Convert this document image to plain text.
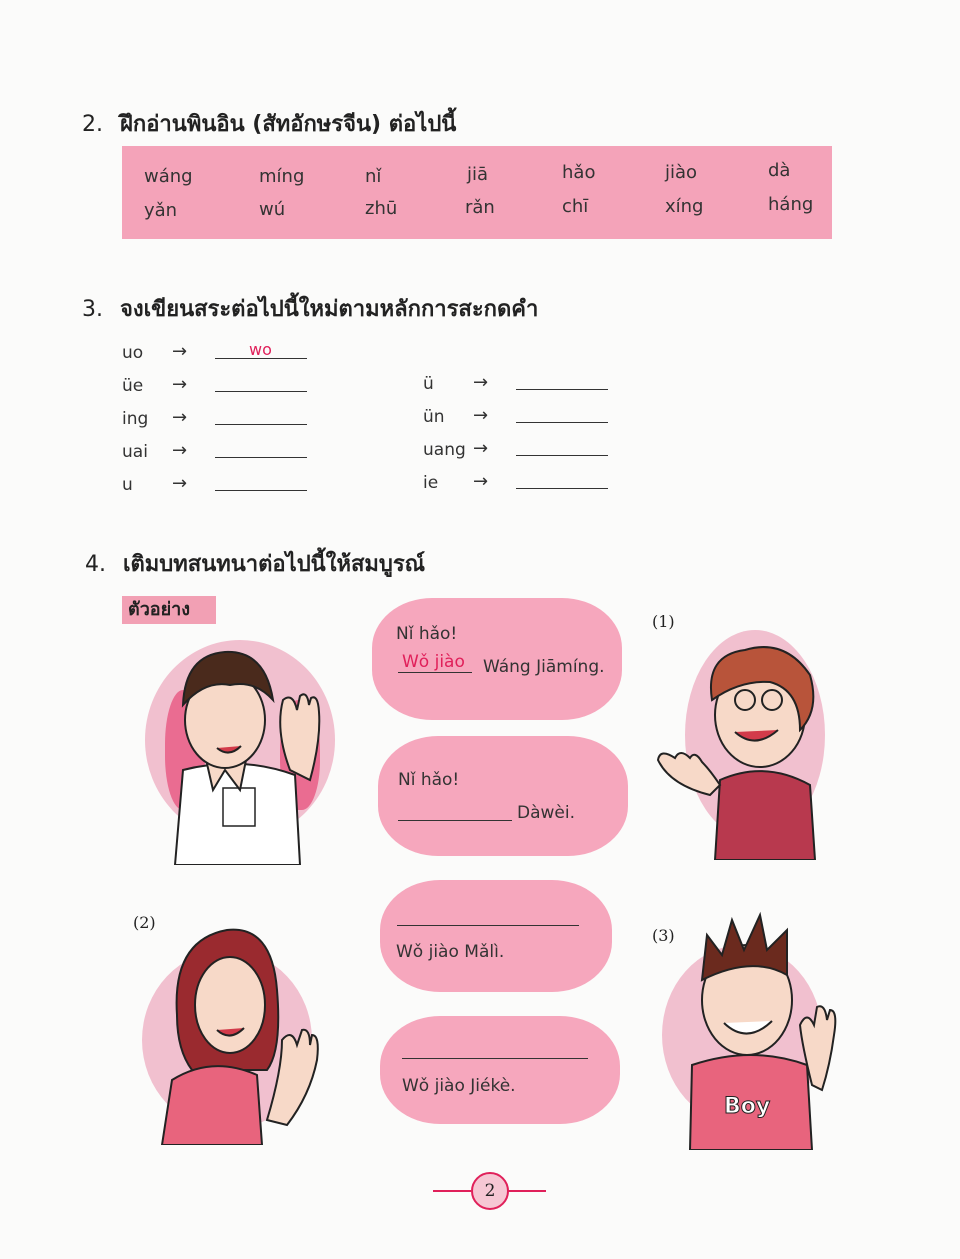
2. ฝึกอ่านพินอิน (สัทอักษรจีน) ต่อไปนี้
wáng	míng	nǐ	jiā	hǎo	jiào	dà
yǎn	wú	zhū	rǎn	chī	xíng	háng
3. จงเขียนสระต่อไปนี้ใหม่ตามหลักการสะกดคำ
uo →	wo
üe →
ing →
uai →
u →
ü →
ün →
uang →
ie →
4. เติมบทสนทนาต่อไปนี้ให้สมบูรณ์
ตัวอย่าง
Nǐ hǎo!
Wǒ jiào Wáng Jiāmíng.
Nǐ hǎo!
Dàwèi.
(1)
(2)
Wǒ jiào Mǎlì.
Wǒ jiào Jiékè.
(3)
Boy
2
